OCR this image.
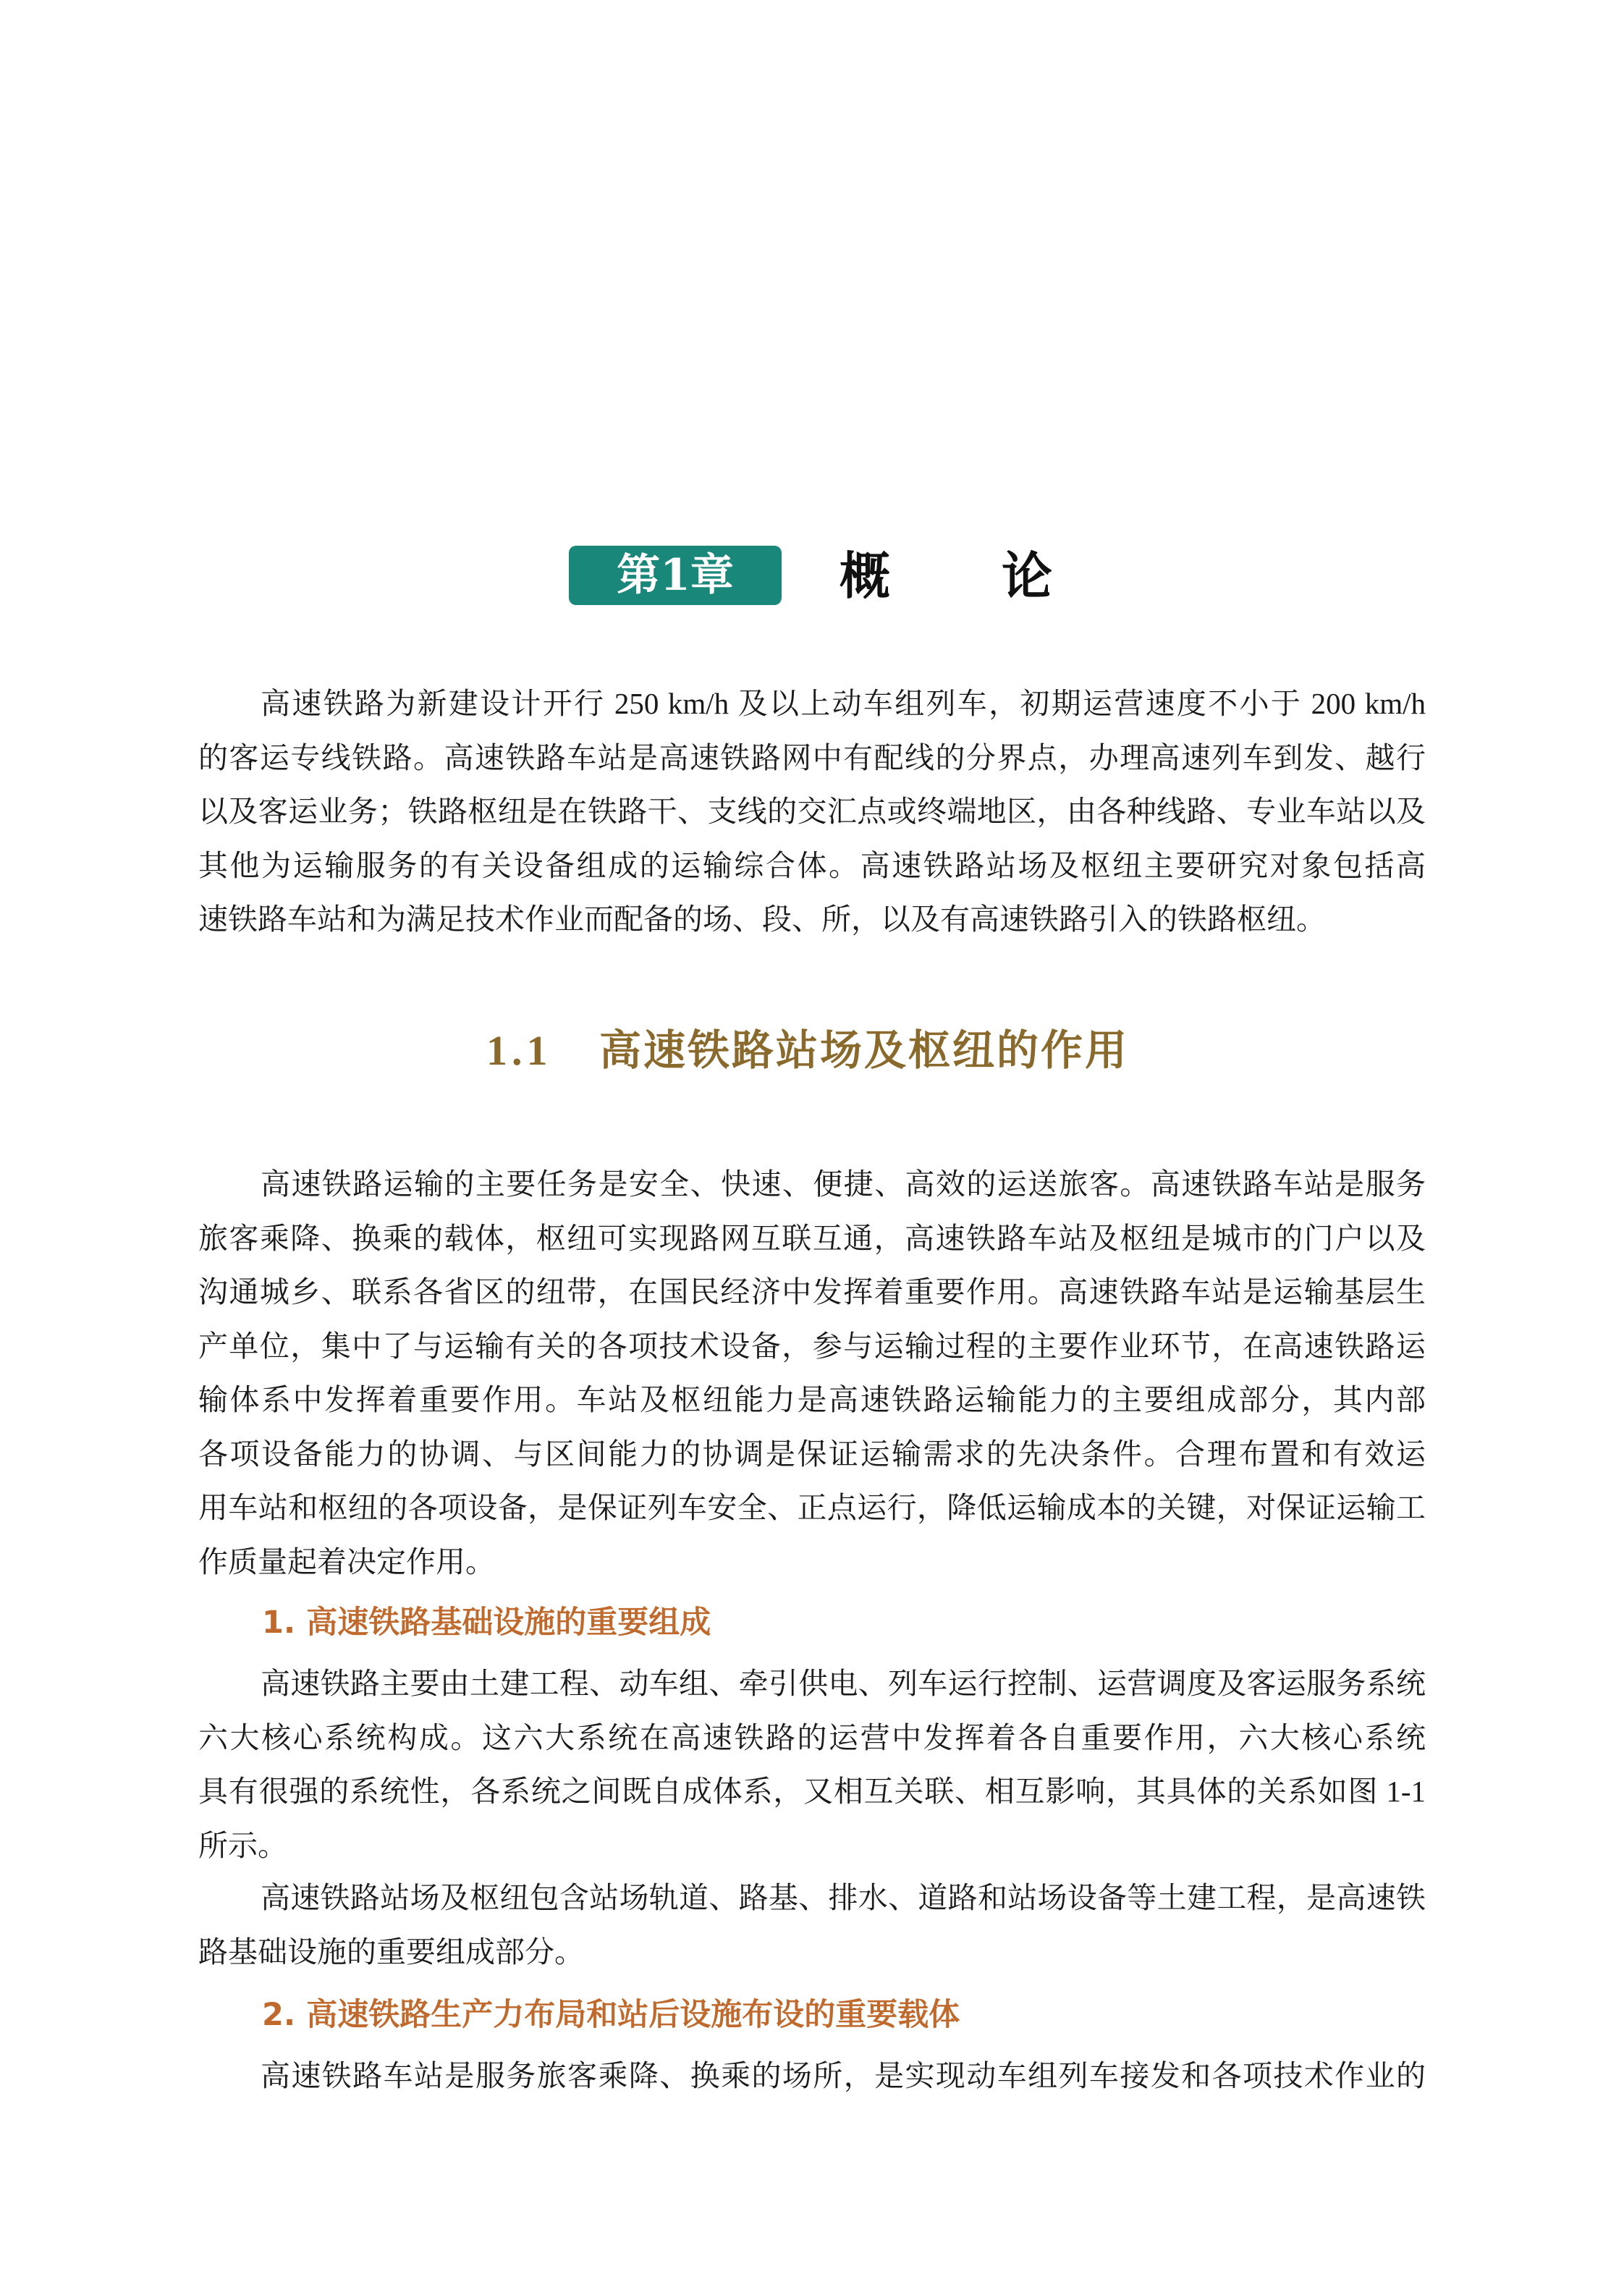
第1章	概论
高速铁路为新建设计开行 250 km/h 及以上动车组列车，初期运营速度不小于 200 km/h
的客运专线铁路。高速铁路车站是高速铁路网中有配线的分界点，办理高速列车到发、越行
以及客运业务；铁路枢纽是在铁路干、支线的交汇点或终端地区，由各种线路、专业车站以及
其他为运输服务的有关设备组成的运输综合体。高速铁路站场及枢纽主要研究对象包括高
速铁路车站和为满足技术作业而配备的场、段、所，以及有高速铁路引入的铁路枢纽。
1.1 高速铁路站场及枢纽的作用
高速铁路运输的主要任务是安全、快速、便捷、高效的运送旅客。高速铁路车站是服务
旅客乘降、换乘的载体，枢纽可实现路网互联互通，高速铁路车站及枢纽是城市的门户以及
沟通城乡、联系各省区的纽带，在国民经济中发挥着重要作用。高速铁路车站是运输基层生
产单位，集中了与运输有关的各项技术设备，参与运输过程的主要作业环节，在高速铁路运
输体系中发挥着重要作用。车站及枢纽能力是高速铁路运输能力的主要组成部分，其内部
各项设备能力的协调、与区间能力的协调是保证运输需求的先决条件。合理布置和有效运
用车站和枢纽的各项设备，是保证列车安全、正点运行，降低运输成本的关键，对保证运输工
作质量起着决定作用。
1. 高速铁路基础设施的重要组成
高速铁路主要由土建工程、动车组、牵引供电、列车运行控制、运营调度及客运服务系统
六大核心系统构成。这六大系统在高速铁路的运营中发挥着各自重要作用，六大核心系统
具有很强的系统性，各系统之间既自成体系，又相互关联、相互影响，其具体的关系如图 1-1
所示。
高速铁路站场及枢纽包含站场轨道、路基、排水、道路和站场设备等土建工程，是高速铁
路基础设施的重要组成部分。
2. 高速铁路生产力布局和站后设施布设的重要载体
高速铁路车站是服务旅客乘降、换乘的场所，是实现动车组列车接发和各项技术作业的
